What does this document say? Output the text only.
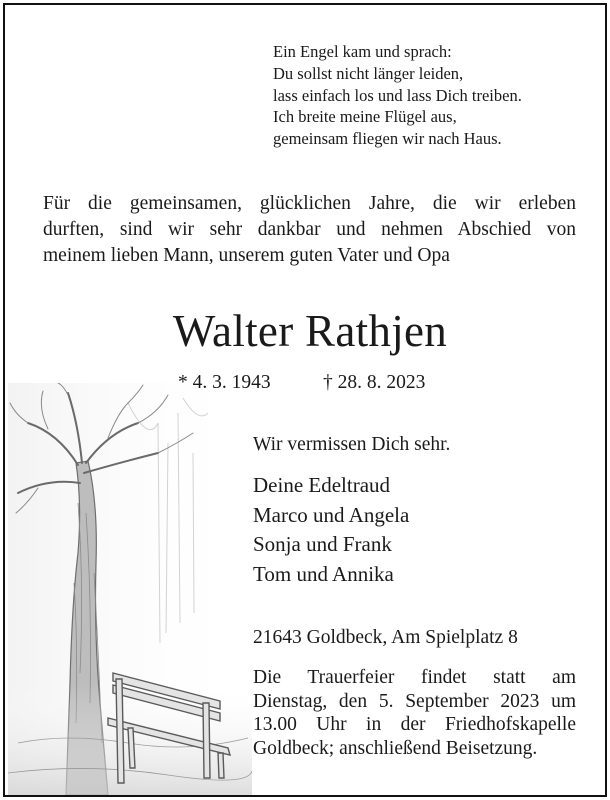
Ein Engel kam und sprach:
Du sollst nicht länger leiden,
lass einfach los und lass Dich treiben.
Ich breite meine Flügel aus,
gemeinsam fliegen wir nach Haus.
Für die gemeinsamen, glücklichen Jahre, die wir erleben
durften, sind wir sehr dankbar und nehmen Abschied von
meinem lieben Mann, unserem guten Vater und Opa
Walter Rathjen
* 4. 3. 1943	† 28. 8. 2023
Wir vermissen Dich sehr.
Deine Edeltraud
Marco und Angela
Sonja und Frank
Tom und Annika
21643 Goldbeck, Am Spielplatz 8
Die Trauerfeier findet statt am
Dienstag, den 5. September 2023 um
13.00 Uhr in der Friedhofskapelle
Goldbeck; anschließend Beisetzung.
